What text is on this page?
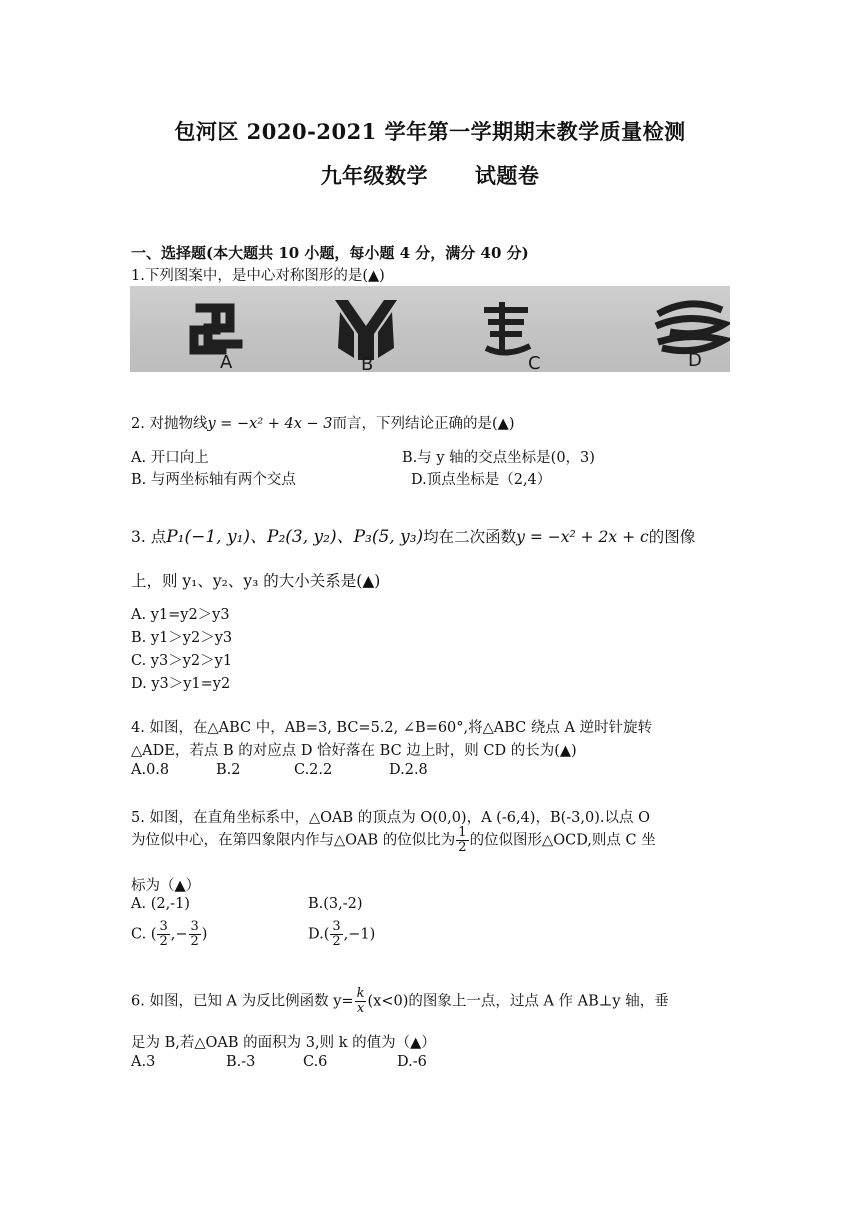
包河区 2020-2021 学年第一学期期末教学质量检测
九年级数学      试题卷
一、选择题(本大题共 10 小题，每小题 4 分，满分 40 分)
1.下列图案中，是中心对称图形的是(▲)
A	B	C	D
2. 对抛物线y = −x² + 4x − 3而言，下列结论正确的是(▲)
A. 开口向上	B.与 y 轴的交点坐标是(0，3)
B. 与两坐标轴有两个交点	D.顶点坐标是（2,4）
3. 点P₁(−1, y₁)、P₂(3, y₂)、P₃(5, y₃)均在二次函数y = −x² + 2x + c的图像
上，则 y₁、y₂、y₃ 的大小关系是(▲)
A. y1=y2＞y3
B. y1＞y2＞y3
C. y3＞y2＞y1
D. y3＞y1=y2
4. 如图，在△ABC 中，AB=3, BC=5.2, ∠B=60°,将△ABC 绕点 A 逆时针旋转
△ADE，若点 B 的对应点 D 恰好落在 BC 边上时，则 CD 的长为(▲)
A.0.8	B.2	C.2.2	D.2.8
5. 如图，在直角坐标系中，△OAB 的顶点为 O(0,0)，A (-6,4)，B(-3,0).以点 O
为位似中心，在第四象限内作与△OAB 的位似比为 $\frac{1}{2}$ 的位似图形△OCD,则点 C 坐
标为（▲）
A. (2,-1)	B.(3,-2)
C. ( $\frac{3}{2}$ ,− $\frac{3}{2}$ )	$D.( \frac{3}{2} ,-1)$
6. 如图，已知 A 为反比例函数 $y= \frac{k}{x} (x<0)$的图象上一点，过点 A 作 AB⊥y 轴，垂
足为 B,若△OAB 的面积为 3,则 k 的值为（▲）
A.3	B.-3	C.6	D.-6
